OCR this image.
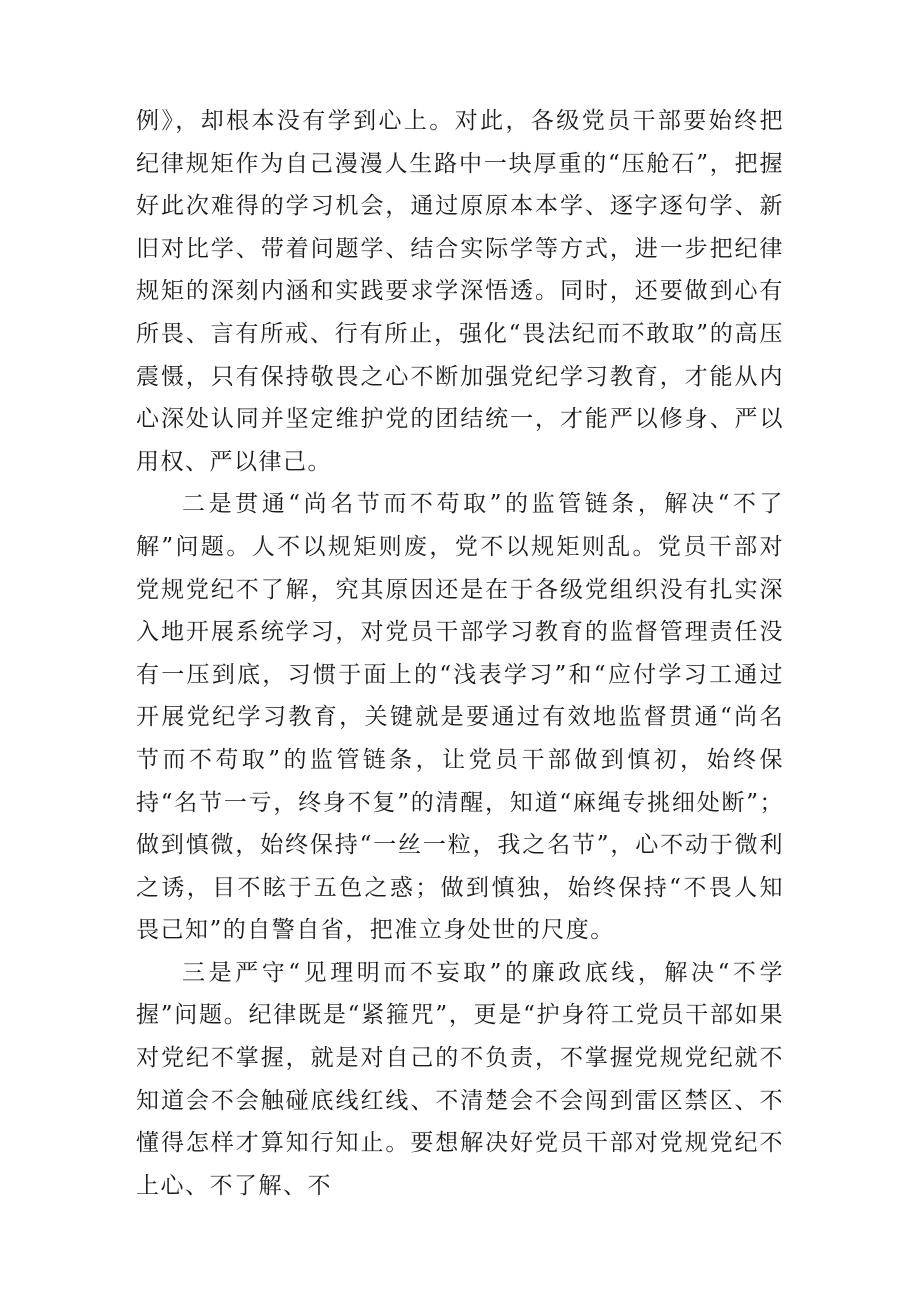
例》，却根本没有学到心上。对此，各级党员干部要始终把纪律规矩作为自己漫漫人生路中一块厚重的“压舱石”，把握好此次难得的学习机会，通过原原本本学、逐字逐句学、新旧对比学、带着问题学、结合实际学等方式，进一步把纪律规矩的深刻内涵和实践要求学深悟透。同时，还要做到心有所畏、言有所戒、行有所止，强化“畏法纪而不敢取”的高压震慑，只有保持敬畏之心不断加强党纪学习教育，才能从内心深处认同并坚定维护党的团结统一，才能严以修身、严以用权、严以律己。

二是贯通“尚名节而不苟取”的监管链条，解决“不了解”问题。人不以规矩则废，党不以规矩则乱。党员干部对党规党纪不了解，究其原因还是在于各级党组织没有扎实深入地开展系统学习，对党员干部学习教育的监督管理责任没有一压到底，习惯于面上的“浅表学习”和“应付学习工通过开展党纪学习教育，关键就是要通过有效地监督贯通“尚名节而不苟取”的监管链条，让党员干部做到慎初，始终保持“名节一亏，终身不复”的清醒，知道“麻绳专挑细处断”；做到慎微，始终保持“一丝一粒，我之名节”，心不动于微利之诱，目不眩于五色之惑；做到慎独，始终保持“不畏人知畏己知”的自警自省，把准立身处世的尺度。

三是严守“见理明而不妄取”的廉政底线，解决“不学握”问题。纪律既是“紧箍咒”，更是“护身符工党员干部如果对党纪不掌握，就是对自己的不负责，不掌握党规党纪就不知道会不会触碰底线红线、不清楚会不会闯到雷区禁区、不懂得怎样才算知行知止。要想解决好党员干部对党规党纪不上心、不了解、不
